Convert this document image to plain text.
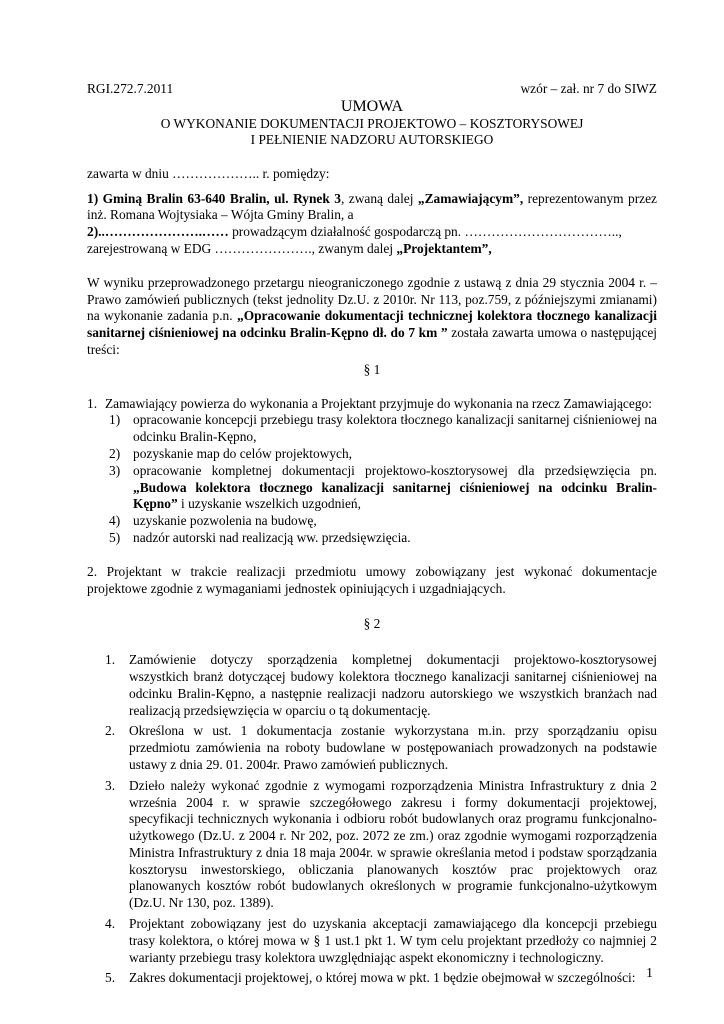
RGI.272.7.2011	wzór – zał. nr 7 do SIWZ
UMOWA
O WYKONANIE DOKUMENTACJI PROJEKTOWO – KOSZTORYSOWEJ
I PEŁNIENIE NADZORU AUTORSKIEGO

zawarta w dniu ……………….. r. pomiędzy:

1) Gminą Bralin 63-640 Bralin, ul. Rynek 3, zwaną dalej „Zamawiającym”, reprezentowanym przez inż. Romana Wojtysiaka – Wójta Gminy Bralin, a

2)..………………….…… prowadzącym działalność gospodarczą pn. ……………………………..,

zarejestrowaną w EDG …………………., zwanym dalej „Projektantem”,

W wyniku przeprowadzonego przetargu nieograniczonego zgodnie z ustawą z dnia 29 stycznia 2004 r. – Prawo zamówień publicznych (tekst jednolity Dz.U. z 2010r. Nr 113, poz.759, z późniejszymi zmianami) na wykonanie zadania p.n. „Opracowanie dokumentacji technicznej kolektora tłocznego kanalizacji sanitarnej ciśnieniowej na odcinku Bralin-Kępno dł. do 7 km ” została zawarta umowa o następującej treści:

§ 1
1. Zamawiający powierza do wykonania a Projektant przyjmuje do wykonania na rzecz Zamawiającego:
1) opracowanie koncepcji przebiegu trasy kolektora tłocznego kanalizacji sanitarnej ciśnieniowej na odcinku Bralin-Kępno,
2) pozyskanie map do celów projektowych,
3) opracowanie kompletnej dokumentacji projektowo-kosztorysowej dla przedsięwzięcia pn. „Budowa kolektora tłocznego kanalizacji sanitarnej ciśnieniowej na odcinku Bralin-Kępno” i uzyskanie wszelkich uzgodnień,
4) uzyskanie pozwolenia na budowę,
5) nadzór autorski nad realizacją ww. przedsięwzięcia.

2. Projektant w trakcie realizacji przedmiotu umowy zobowiązany jest wykonać dokumentacje projektowe zgodnie z wymaganiami jednostek opiniujących i uzgadniających.

§ 2
1.	Zamówienie dotyczy sporządzenia kompletnej dokumentacji projektowo-kosztorysowej wszystkich branż dotyczącej budowy kolektora tłocznego kanalizacji sanitarnej ciśnieniowej na odcinku Bralin-Kępno, a następnie realizacji nadzoru autorskiego we wszystkich branżach nad realizacją przedsięwzięcia w oparciu o tą dokumentację.
2.	Określona w ust. 1 dokumentacja zostanie wykorzystana m.in. przy sporządzaniu opisu przedmiotu zamówienia na roboty budowlane w postępowaniach prowadzonych na podstawie ustawy z dnia 29. 01. 2004r. Prawo zamówień publicznych.
3.	Dzieło należy wykonać zgodnie z wymogami rozporządzenia Ministra Infrastruktury z dnia 2 września 2004 r. w sprawie szczegółowego zakresu i formy dokumentacji projektowej, specyfikacji technicznych wykonania i odbioru robót budowlanych oraz programu funkcjonalno-użytkowego (Dz.U. z 2004 r. Nr 202, poz. 2072 ze zm.) oraz zgodnie wymogami rozporządzenia Ministra Infrastruktury z dnia 18 maja 2004r. w sprawie określania metod i podstaw sporządzania kosztorysu inwestorskiego, obliczania planowanych kosztów prac projektowych oraz planowanych kosztów robót budowlanych określonych w programie funkcjonalno-użytkowym (Dz.U. Nr 130, poz. 1389).
4.	Projektant zobowiązany jest do uzyskania akceptacji zamawiającego dla koncepcji przebiegu trasy kolektora, o której mowa w § 1 ust.1 pkt 1. W tym celu projektant przedłoży co najmniej 2 warianty przebiegu trasy kolektora uwzględniając aspekt ekonomiczny i technologiczny.
5.	Zakres dokumentacji projektowej, o której mowa w pkt. 1 będzie obejmował w szczególności: 1
